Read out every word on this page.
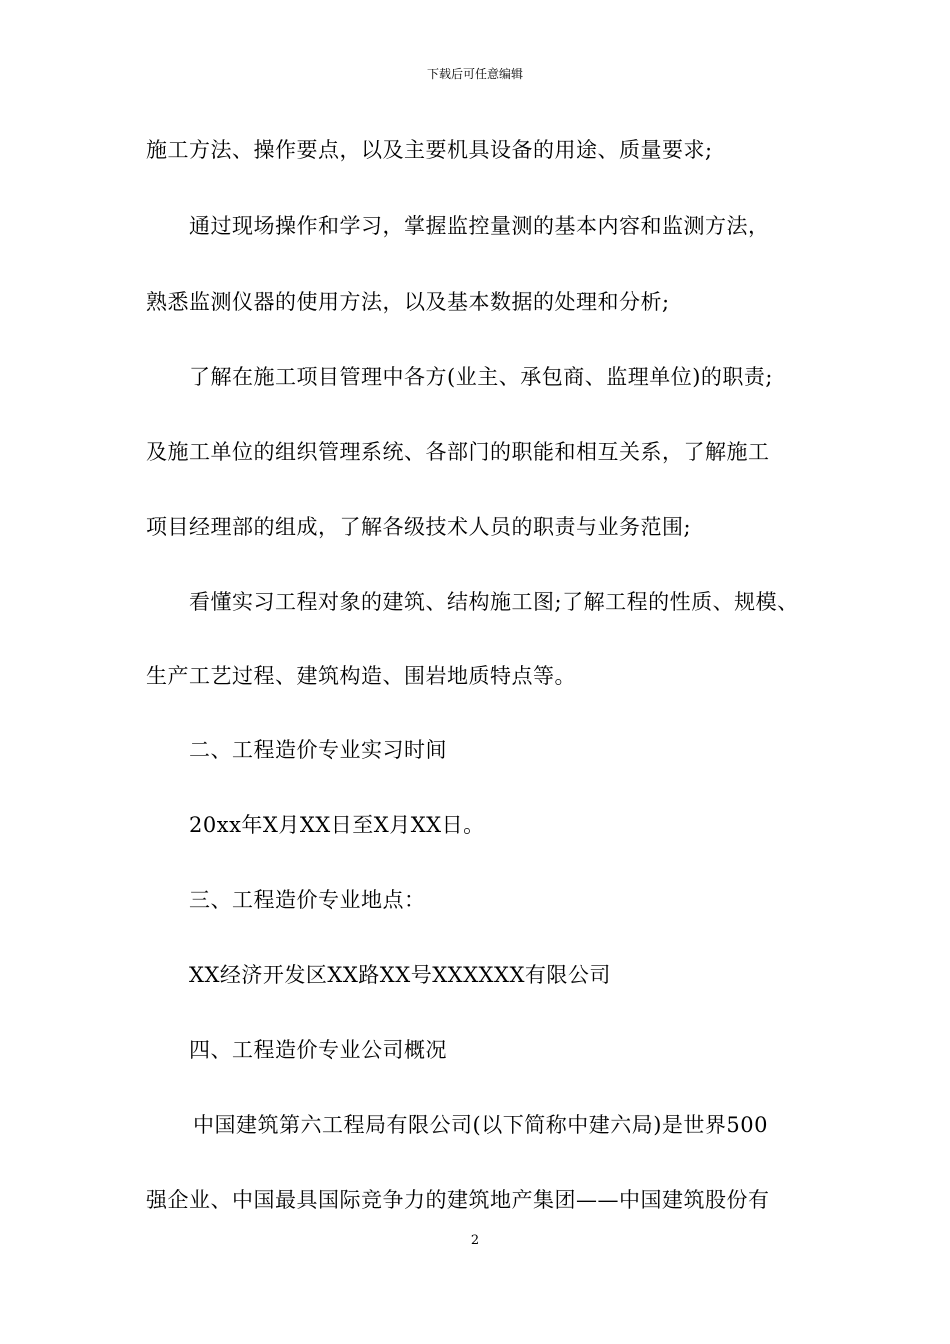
下载后可任意编辑
施工方法、操作要点，以及主要机具设备的用途、质量要求;
通过现场操作和学习，掌握监控量测的基本内容和监测方法，
熟悉监测仪器的使用方法，以及基本数据的处理和分析;
了解在施工项目管理中各方(业主、承包商、监理单位)的职责;
及施工单位的组织管理系统、各部门的职能和相互关系，了解施工
项目经理部的组成，了解各级技术人员的职责与业务范围;
看懂实习工程对象的建筑、结构施工图;了解工程的性质、规模、
生产工艺过程、建筑构造、围岩地质特点等。
二、工程造价专业实习时间
20xx年X月XX日至X月XX日。
三、工程造价专业地点：
XX经济开发区XX路XX号XXXXXX有限公司
四、工程造价专业公司概况
中国建筑第六工程局有限公司(以下简称中建六局)是世界500
强企业、中国最具国际竞争力的建筑地产集团——中国建筑股份有
2
